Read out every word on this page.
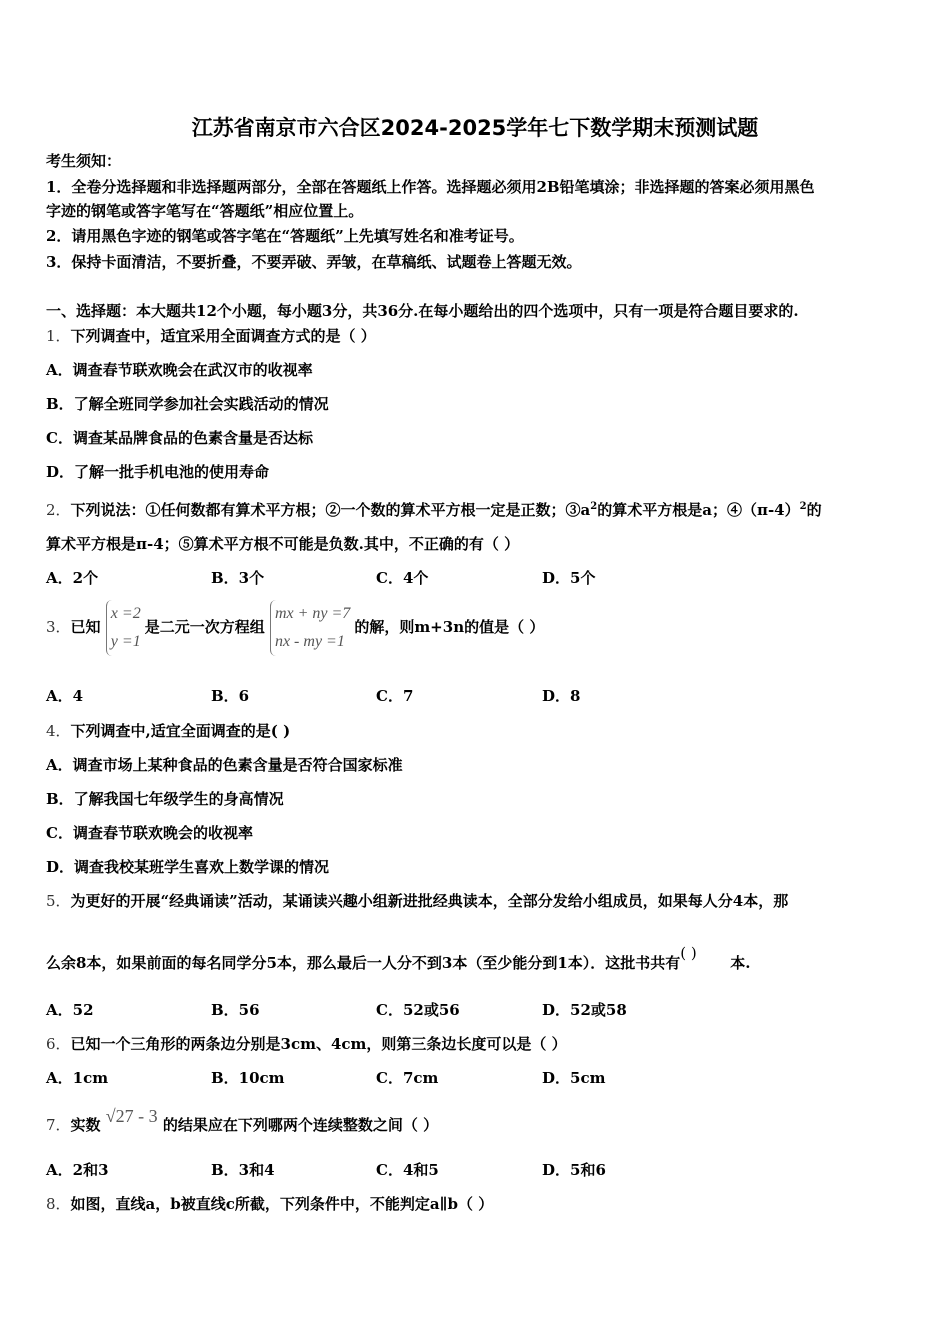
江苏省南京市六合区2024-2025学年七下数学期末预测试题
考生须知：
1．全卷分选择题和非选择题两部分，全部在答题纸上作答。选择题必须用2B铅笔填涂；非选择题的答案必须用黑色
字迹的钢笔或答字笔写在“答题纸”相应位置上。
2．请用黑色字迹的钢笔或答字笔在“答题纸”上先填写姓名和准考证号。
3．保持卡面清洁，不要折叠，不要弄破、弄皱，在草稿纸、试题卷上答题无效。
一、选择题：本大题共12个小题，每小题3分，共36分.在每小题给出的四个选项中，只有一项是符合题目要求的.
1．下列调查中，适宜采用全面调查方式的是（ ）
A．调查春节联欢晚会在武汉市的收视率
B．了解全班同学参加社会实践活动的情况
C．调查某品牌食品的色素含量是否达标
D．了解一批手机电池的使用寿命
2．下列说法：①任何数都有算术平方根；②一个数的算术平方根一定是正数；$③a^2$的算术平方根是a；$④(\pi-4)^2$的
算术平方根是π-4；⑤算术平方根不可能是负数.其中，不正确的有（ ）
A．2个	B．3个	C．4个	D．5个
3．已知 x =2
y =1是二元一次方程组 mx + ny =7
nx - my =1的解，则m+3n的值是（ ）
A．4	B．6	C．7	D．8
4．下列调查中,适宜全面调查的是( )
A．调查市场上某种食品的色素含量是否符合国家标准
B．了解我国七年级学生的身高情况
C．调查春节联欢晚会的收视率
D．调查我校某班学生喜欢上数学课的情况
5．为更好的开展“经典诵读”活动，某诵读兴趣小组新进批经典读本，全部分发给小组成员，如果每人分4本，那
么余8本，如果前面的每名同学分5本，那么最后一人分不到3本（至少能分到1本）．这批书共有( )本.
A．52	B．56	C．52或56	D．52或58
6．已知一个三角形的两条边分别是3cm、4cm，则第三条边长度可以是（ ）
A．1cm	B．10cm	C．7cm	D．5cm
7．实数 √27 - 3 的结果应在下列哪两个连续整数之间（ ）
A．2和3	B．3和4	C．4和5	D．5和6
8．如图，直线a，b被直线c所截，下列条件中，不能判定a∥b（ ）
